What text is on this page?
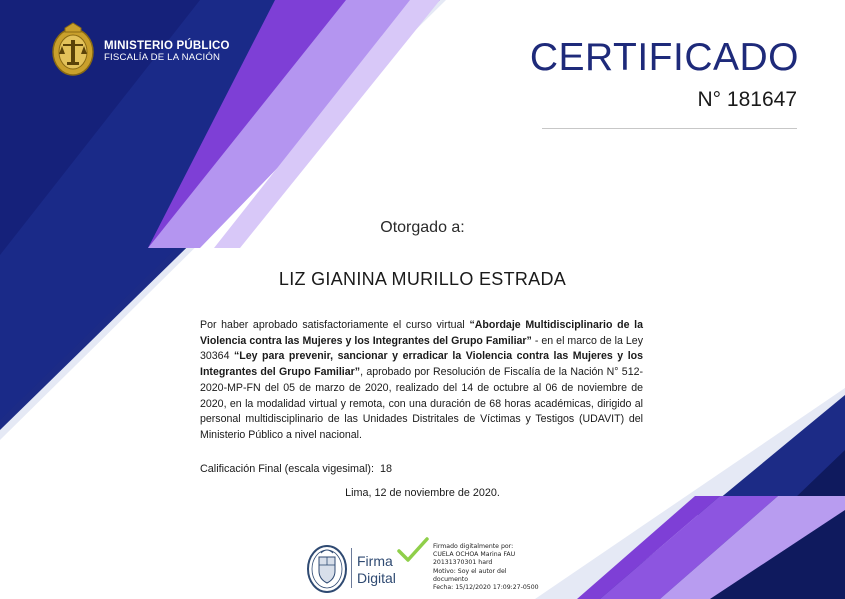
MINISTERIO PÚBLICO
FISCALÍA DE LA NACIÓN	CERTIFICADO
N° 181647
Otorgado a:
LIZ GIANINA MURILLO ESTRADA
Por haber aprobado satisfactoriamente el curso virtual “Abordaje Multidisciplinario de la Violencia contra las Mujeres y los Integrantes del Grupo Familiar” - en el marco de la Ley 30364 “Ley para prevenir, sancionar y erradicar la Violencia contra las Mujeres y los Integrantes del Grupo Familiar”, aprobado por Resolución de Fiscalía de la Nación N° 512-2020-MP-FN del 05 de marzo de 2020, realizado del 14 de octubre al 06 de noviembre de 2020, en la modalidad virtual y remota, con una duración de 68 horas académicas, dirigido al personal multidisciplinario de las Unidades Distritales de Víctimas y Testigos (UDAVIT) del Ministerio Público a nivel nacional.
Calificación Final (escala vigesimal): 18
Lima, 12 de noviembre de 2020.
Firma
Digital
Firmado digitalmente por:
CUELA OCHOA Marina FAU
20131370301 hard
Motivo: Soy el autor del
documento
Fecha: 15/12/2020 17:09:27-0500
